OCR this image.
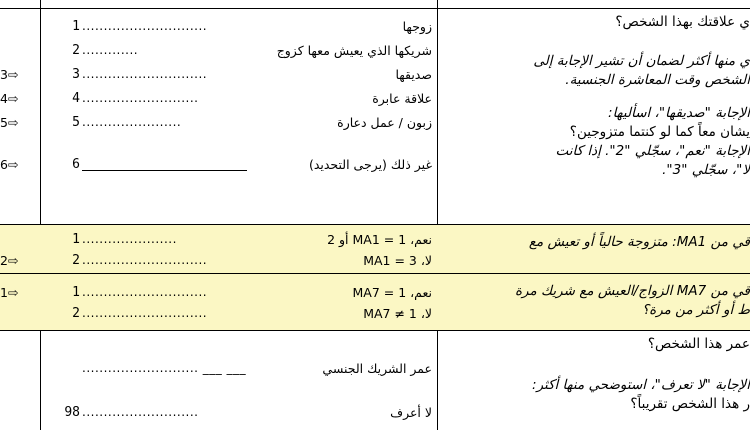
ي علاقتك بهذا الشخص؟
ي منها أكثر لضمان أن تشير الإجابة إلى
الشخص وقت المعاشرة الجنسية.
الإجابة "صديقها"، اسأليها:
يشان معاً كما لو كنتما متزوجين؟
الإجابة "نعم"، سجّلي "2". إذا كانت
لا"، سجّلي "3".
1 .............................	زوجها
2 .............	شريكها الذي يعيش معها كزوج
3 .............................	صديقها
4 ...........................	علاقة عابرة
5 .......................	زبون / عمل دعارة
6	غير ذلك (يرجى التحديد)
3⇨
4⇨
5⇨
6⇨
قي من MA1: متزوجة حالياً أو تعيش مع
1 ......................	نعم، MA1 = 1 أو 2
2 .............................	لا، MA1 = 3
2⇨
قي من MA7 الزواج/العيش مع شريك مرة
ط أو أكثر من مرة؟
1 .............................	نعم، MA7 = 1
2 .............................	لا، MA7 ≠ 1
1⇨
عمر هذا الشخص؟
الإجابة "لا تعرف"، استوضحي منها أكثر:
ر هذا الشخص تقريباً؟
........................... ___ ___	عمر الشريك الجنسي
98 ...........................	لا أعرف
